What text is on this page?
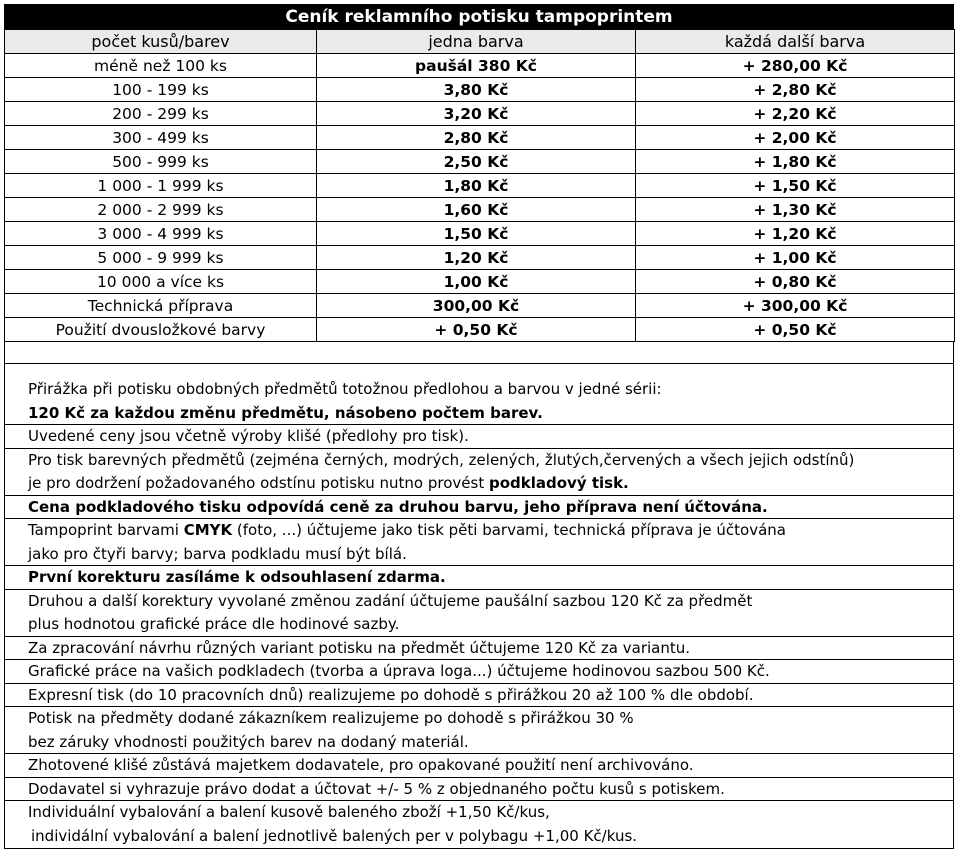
Ceník reklamního potisku tampoprintem
počet kusů/barev	jedna barva	každá další barva
méně než 100 ks	paušál 380 Kč	+ 280,00 Kč
100 - 199 ks	3,80 Kč	+ 2,80 Kč
200 - 299 ks	3,20 Kč	+ 2,20 Kč
300 - 499 ks	2,80 Kč	+ 2,00 Kč
500 - 999 ks	2,50 Kč	+ 1,80 Kč
1 000 - 1 999 ks	1,80 Kč	+ 1,50 Kč
2 000 - 2 999 ks	1,60 Kč	+ 1,30 Kč
3 000 - 4 999 ks	1,50 Kč	+ 1,20 Kč
5 000 - 9 999 ks	1,20 Kč	+ 1,00 Kč
10 000 a více ks	1,00 Kč	+ 0,80 Kč
Technická příprava	300,00 Kč	+ 300,00 Kč
Použití dvousložkové barvy	+ 0,50 Kč	+ 0,50 Kč
Přirážka při potisku obdobných předmětů totožnou předlohou a barvou v jedné sérii:
120 Kč za každou změnu předmětu, násobeno počtem barev.
Uvedené ceny jsou včetně výroby klišé (předlohy pro tisk).
Pro tisk barevných předmětů (zejména černých, modrých, zelených, žlutých,červených a všech jejich odstínů)
je pro dodržení požadovaného odstínu potisku nutno provést podkladový tisk.
Cena podkladového tisku odpovídá ceně za druhou barvu, jeho příprava není účtována.
Tampoprint barvami CMYK (foto, ...) účtujeme jako tisk pěti barvami, technická příprava je účtována
jako pro čtyři barvy; barva podkladu musí být bílá.
První korekturu zasíláme k odsouhlasení zdarma.
Druhou a další korektury vyvolané změnou zadání účtujeme paušální sazbou 120 Kč za předmět
plus hodnotou grafické práce dle hodinové sazby.
Za zpracování návrhu různých variant potisku na předmět účtujeme 120 Kč za variantu.
Grafické práce na vašich podkladech (tvorba a úprava loga...) účtujeme hodinovou sazbou 500 Kč.
Expresní tisk (do 10 pracovních dnů) realizujeme po dohodě s přirážkou 20 až 100 % dle období.
Potisk na předměty dodané zákazníkem realizujeme po dohodě s přirážkou 30 %
bez záruky vhodnosti použitých barev na dodaný materiál.
Zhotovené klišé zůstává majetkem dodavatele, pro opakované použití není archivováno.
Dodavatel si vyhrazuje právo dodat a účtovat +/- 5 % z objednaného počtu kusů s potiskem.
Individuální vybalování a balení kusově baleného zboží +1,50 Kč/kus,
individální vybalování a balení jednotlivě balených per v polybagu +1,00 Kč/kus.
